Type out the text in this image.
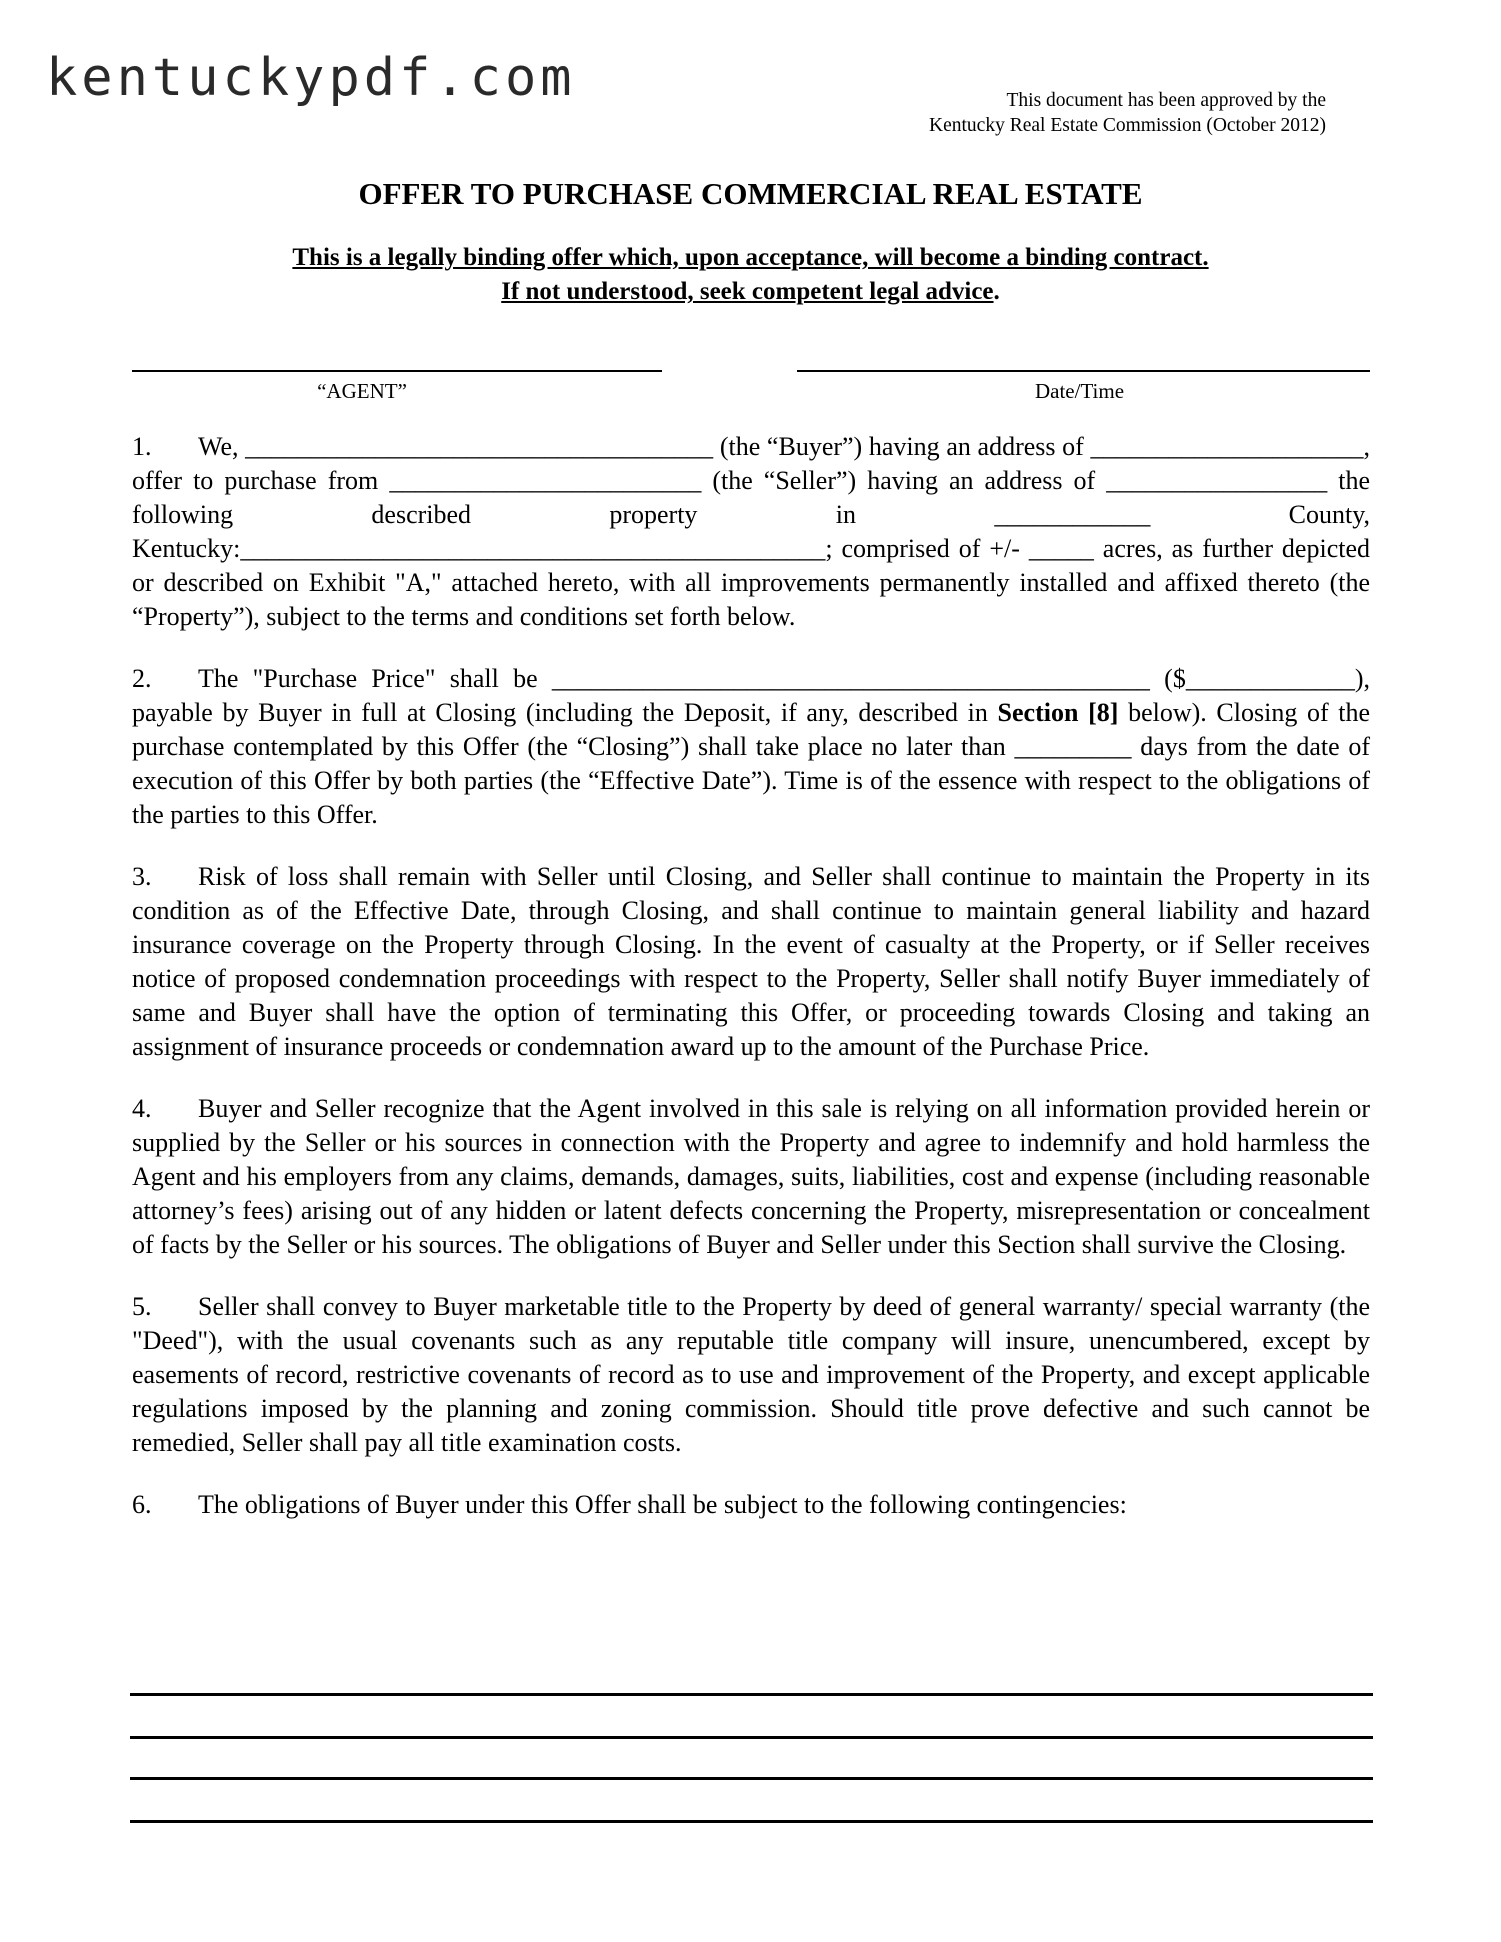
kentuckypdf.com	This document has been approved by the
Kentucky Real Estate Commission (October 2012)
OFFER TO PURCHASE COMMERCIAL REAL ESTATE
This is a legally binding offer which, upon acceptance, will become a binding contract.
If not understood, seek competent legal advice.
“AGENT”	Date/Time

1. We, ____________________________________ (the “Buyer”) having an address of _____________________, offer to purchase from ________________________ (the “Seller”) having an address of _________________ the following described property in	____________	County, Kentucky:_____________________________________________; comprised of +/- _____ acres, as further depicted or described on Exhibit "A," attached hereto, with all improvements permanently installed and affixed thereto (the “Property”), subject to the terms and conditions set forth below.

2. The "Purchase Price" shall be ______________________________________________ ($_____________), payable by Buyer in full at Closing (including the Deposit, if any, described in Section [8] below). Closing of the purchase contemplated by this Offer (the “Closing”) shall take place no later than _________ days from the date of execution of this Offer by both parties (the “Effective Date”). Time is of the essence with respect to the obligations of the parties to this Offer.

3. Risk of loss shall remain with Seller until Closing, and Seller shall continue to maintain the Property in its condition as of the Effective Date, through Closing, and shall continue to maintain general liability and hazard insurance coverage on the Property through Closing. In the event of casualty at the Property, or if Seller receives notice of proposed condemnation proceedings with respect to the Property, Seller shall notify Buyer immediately of same and Buyer shall have the option of terminating this Offer, or proceeding towards Closing and taking an assignment of insurance proceeds or condemnation award up to the amount of the Purchase Price.

4. Buyer and Seller recognize that the Agent involved in this sale is relying on all information provided herein or supplied by the Seller or his sources in connection with the Property and agree to indemnify and hold harmless the Agent and his employers from any claims, demands, damages, suits, liabilities, cost and expense (including reasonable attorney’s fees) arising out of any hidden or latent defects concerning the Property, misrepresentation or concealment of facts by the Seller or his sources. The obligations of Buyer and Seller under this Section shall survive the Closing.

5. Seller shall convey to Buyer marketable title to the Property by deed of general warranty/ special warranty (the "Deed"), with the usual covenants such as any reputable title company will insure, unencumbered, except by easements of record, restrictive covenants of record as to use and improvement of the Property, and except applicable regulations imposed by the planning and zoning commission. Should title prove defective and such cannot be remedied, Seller shall pay all title examination costs.

6. The obligations of Buyer under this Offer shall be subject to the following contingencies:
